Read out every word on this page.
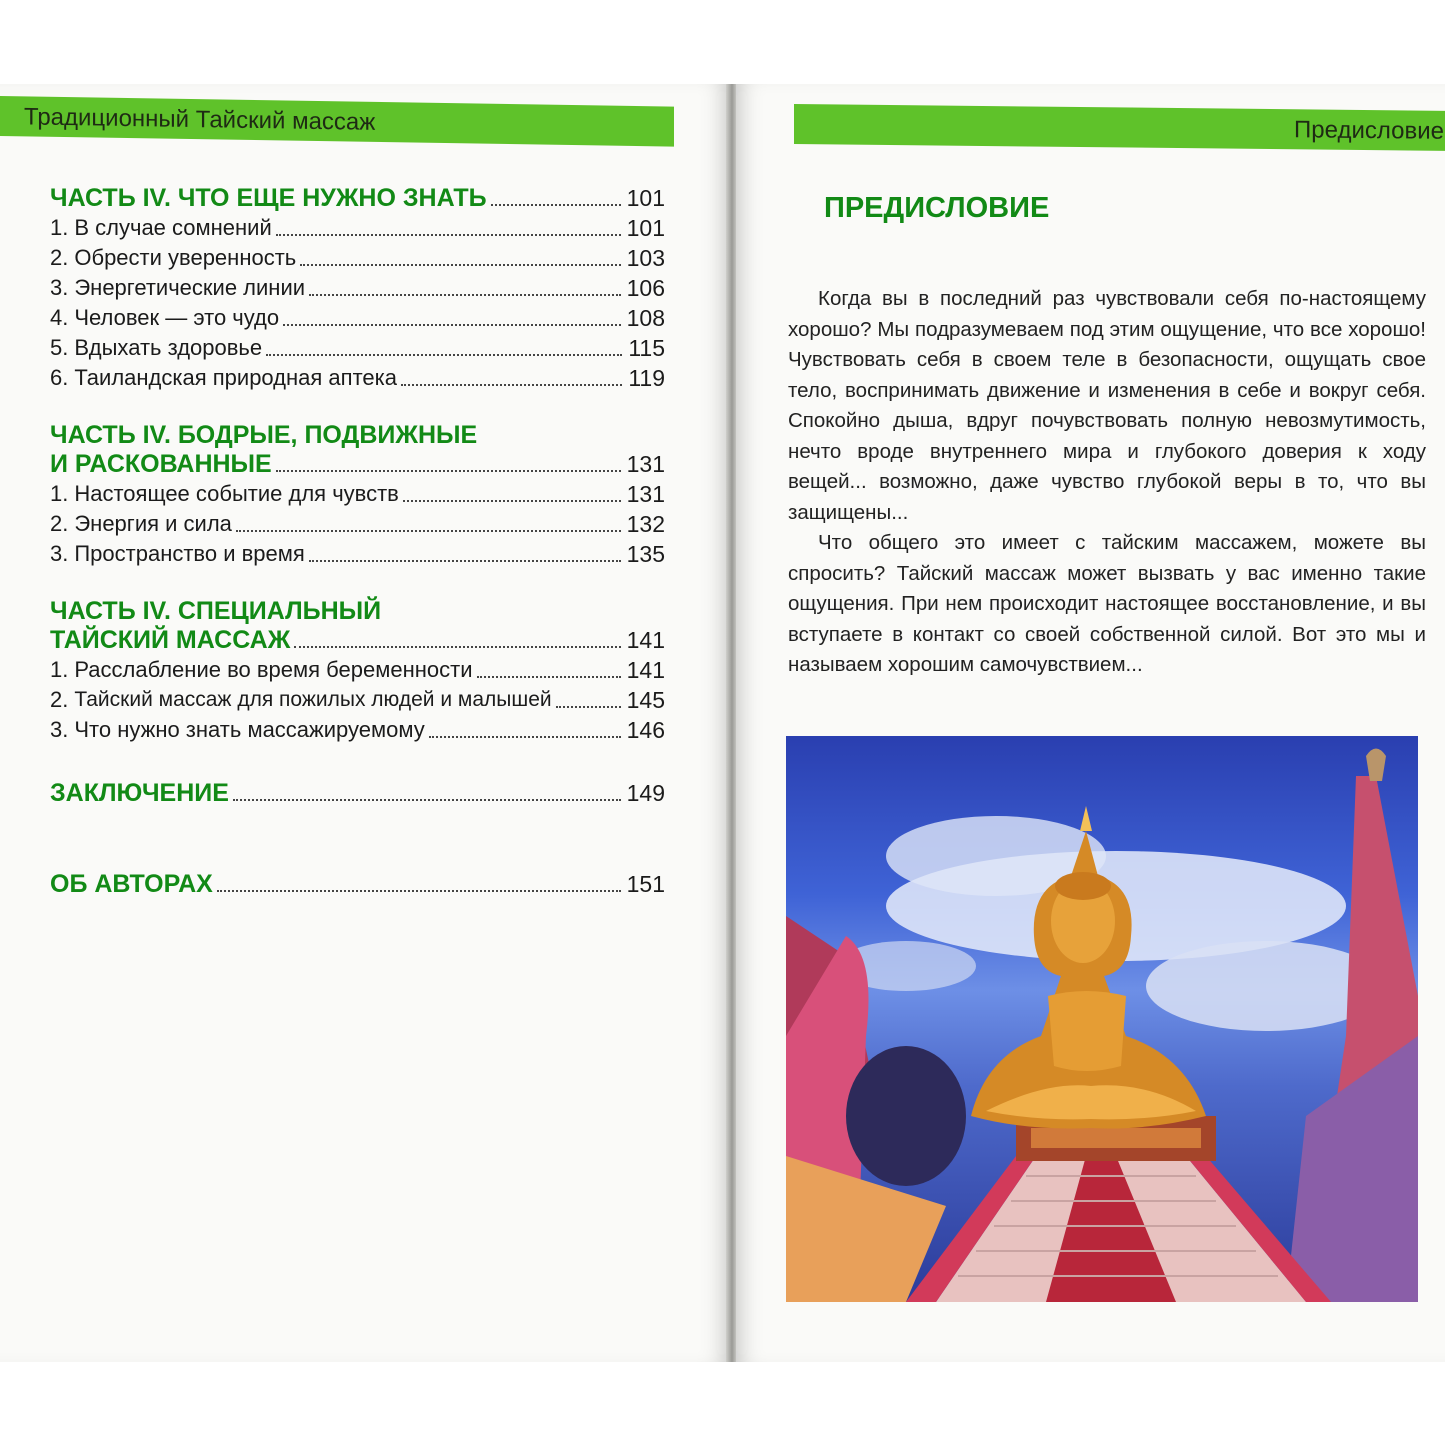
Традиционный Тайский массаж
ЧАСТЬ IV. ЧТО ЕЩЕ НУЖНО ЗНАТЬ	101
1. В случае сомнений	101
2. Обрести уверенность	103
3. Энергетические линии	106
4. Человек — это чудо	108
5. Вдыхать здоровье	115
6. Таиландская природная аптека	119
ЧАСТЬ IV. БОДРЫЕ, ПОДВИЖНЫЕ
И РАСКОВАННЫЕ	131
1. Настоящее событие для чувств	131
2. Энергия и сила	132
3. Пространство и время	135
ЧАСТЬ IV. СПЕЦИАЛЬНЫЙ
ТАЙСКИЙ МАССАЖ	141
1. Расслабление во время беременности	141
2. Тайский массаж для пожилых людей и малышей	145
3. Что нужно знать массажируемому	146
ЗАКЛЮЧЕНИЕ	149
ОБ АВТОРАХ	151
Предисловие
ПРЕДИСЛОВИЕ

Когда вы в последний раз чувствовали себя по-настоящему хорошо? Мы подразумеваем под этим ощущение, что все хорошо! Чувствовать себя в своем теле в безопасности, ощущать свое тело, воспринимать движение и изменения в себе и вокруг себя. Спокойно дыша, вдруг почувствовать полную невозмутимость, нечто вроде внутреннего мира и глубокого доверия к ходу вещей... возможно, даже чувство глубокой веры в то, что вы защищены...

Что общего это имеет с тайским массажем, можете вы спросить? Тайский массаж может вызвать у вас именно такие ощущения. При нем происходит настоящее восстановление, и вы вступаете в контакт со своей собственной силой. Вот это мы и называем хорошим самочувствием...
